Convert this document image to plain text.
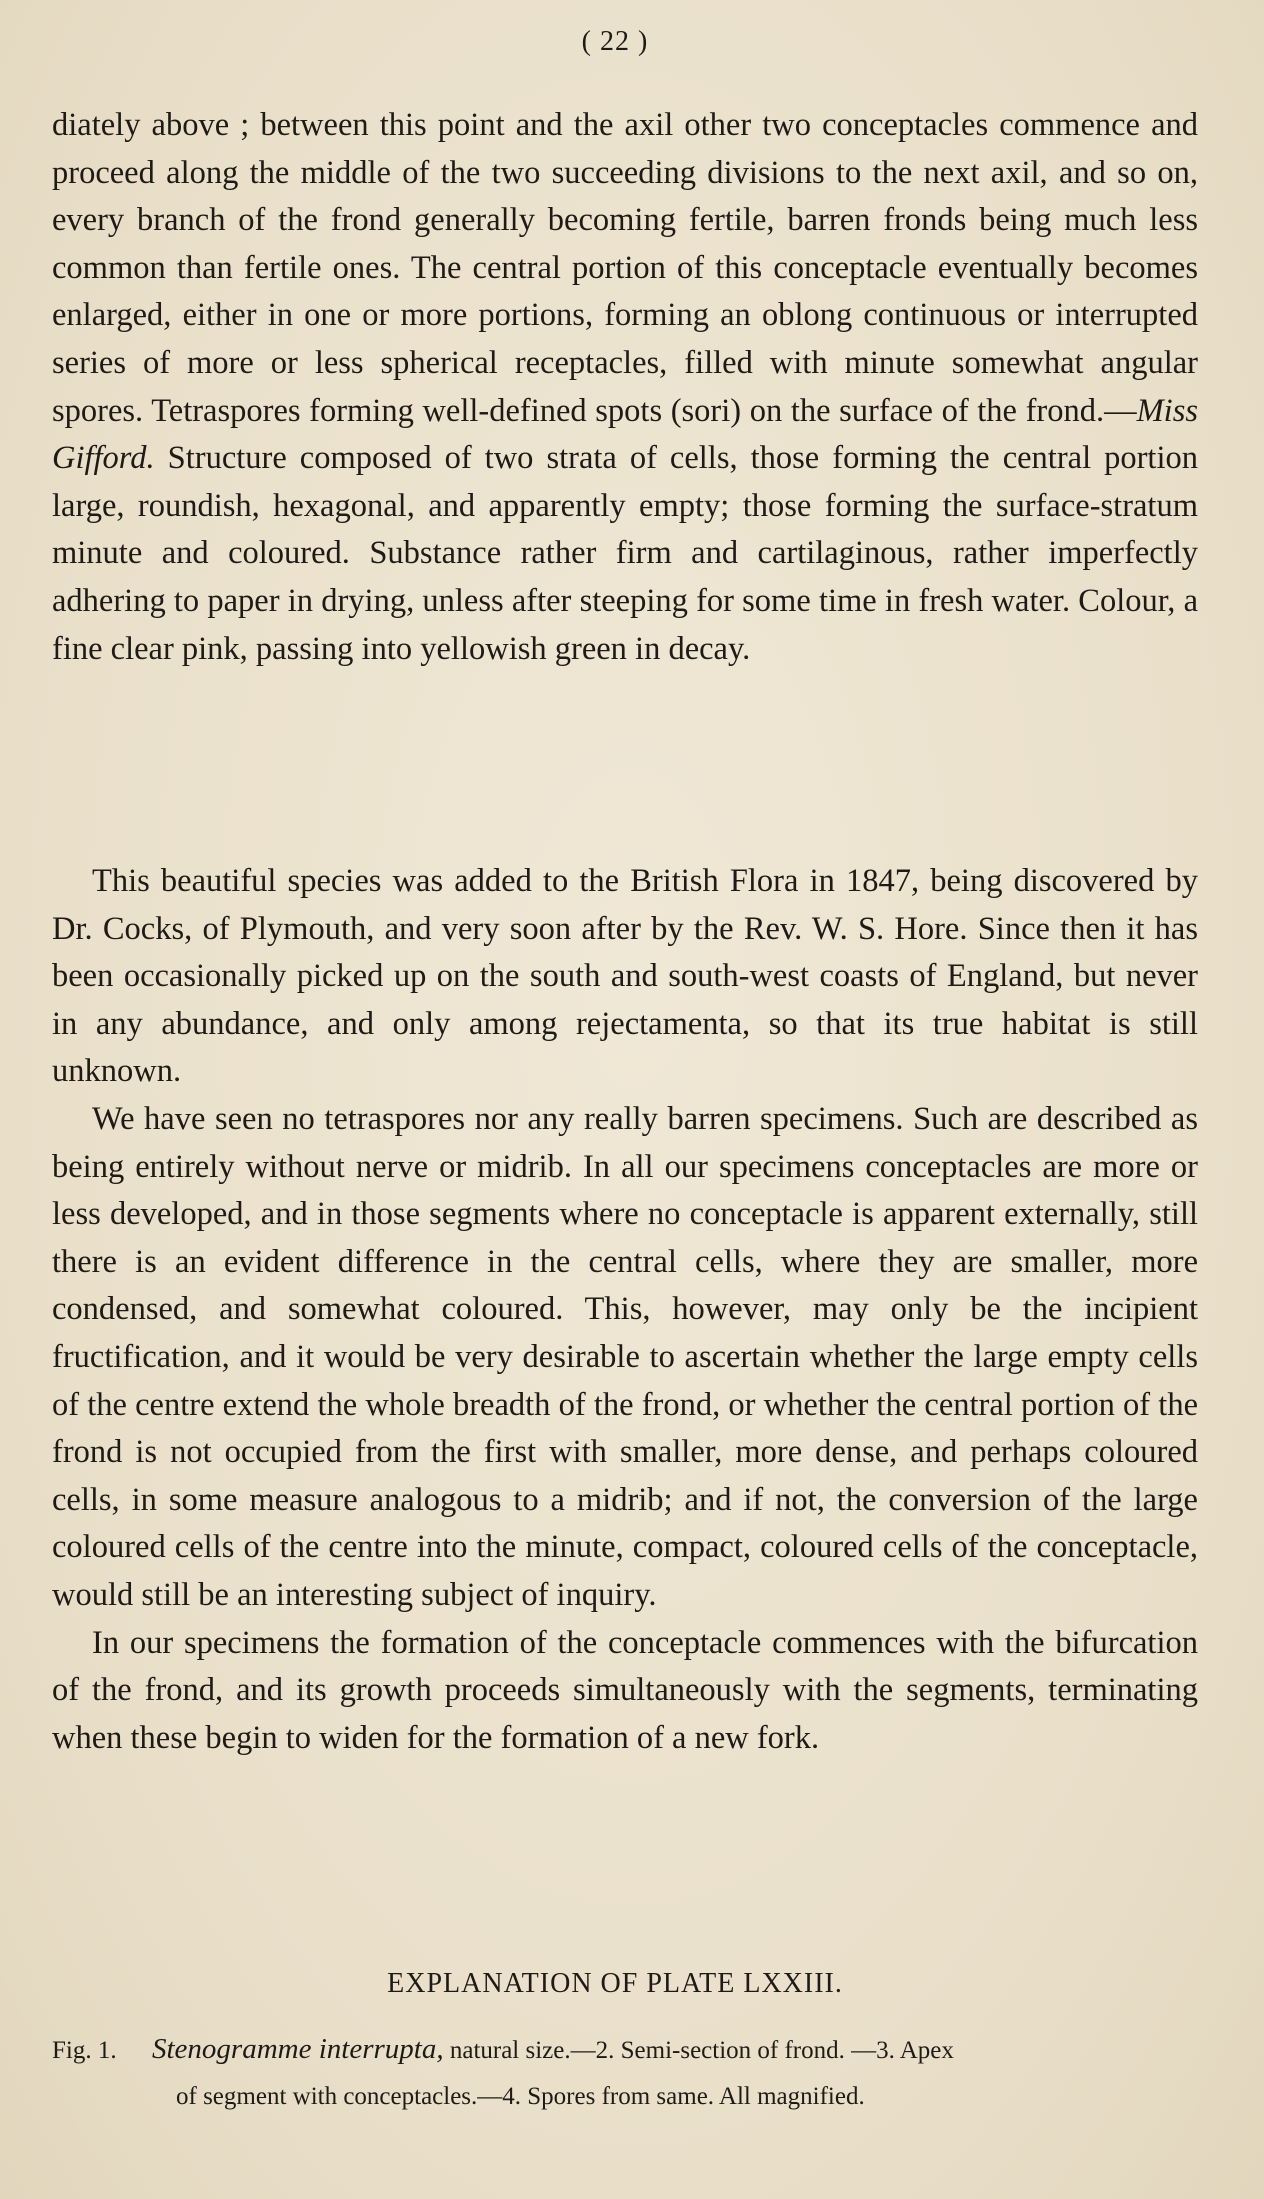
( 22 )

diately above ; between this point and the axil other two conceptacles commence and proceed along the middle of the two succeeding divisions to the next axil, and so on, every branch of the frond generally becoming fertile, barren fronds being much less common than fertile ones. The central portion of this conceptacle eventually becomes enlarged, either in one or more portions, forming an oblong continuous or interrupted series of more or less spherical receptacles, filled with minute somewhat angular spores. Tetraspores forming well-defined spots (sori) on the surface of the frond.—Miss Gifford. Structure composed of two strata of cells, those forming the central portion large, roundish, hexagonal, and apparently empty; those forming the surface-stratum minute and coloured. Substance rather firm and cartilaginous, rather imperfectly adhering to paper in drying, unless after steeping for some time in fresh water. Colour, a fine clear pink, passing into yellowish green in decay.

This beautiful species was added to the British Flora in 1847, being discovered by Dr. Cocks, of Plymouth, and very soon after by the Rev. W. S. Hore. Since then it has been occasionally picked up on the south and south-west coasts of England, but never in any abundance, and only among rejectamenta, so that its true habitat is still unknown.

We have seen no tetraspores nor any really barren specimens. Such are described as being entirely without nerve or midrib. In all our specimens conceptacles are more or less developed, and in those segments where no conceptacle is apparent externally, still there is an evident difference in the central cells, where they are smaller, more condensed, and somewhat coloured. This, however, may only be the incipient fructification, and it would be very desirable to ascertain whether the large empty cells of the centre extend the whole breadth of the frond, or whether the central portion of the frond is not occupied from the first with smaller, more dense, and perhaps coloured cells, in some measure analogous to a midrib; and if not, the conversion of the large coloured cells of the centre into the minute, compact, coloured cells of the conceptacle, would still be an interesting subject of inquiry.

In our specimens the formation of the conceptacle commences with the bifurcation of the frond, and its growth proceeds simultaneously with the segments, terminating when these begin to widen for the formation of a new fork.

EXPLANATION OF PLATE LXXIII.
Fig. 1. Stenogramme interrupta, natural size.—2. Semi-section of frond. —3. Apex
of segment with conceptacles.—4. Spores from same. All magnified.
